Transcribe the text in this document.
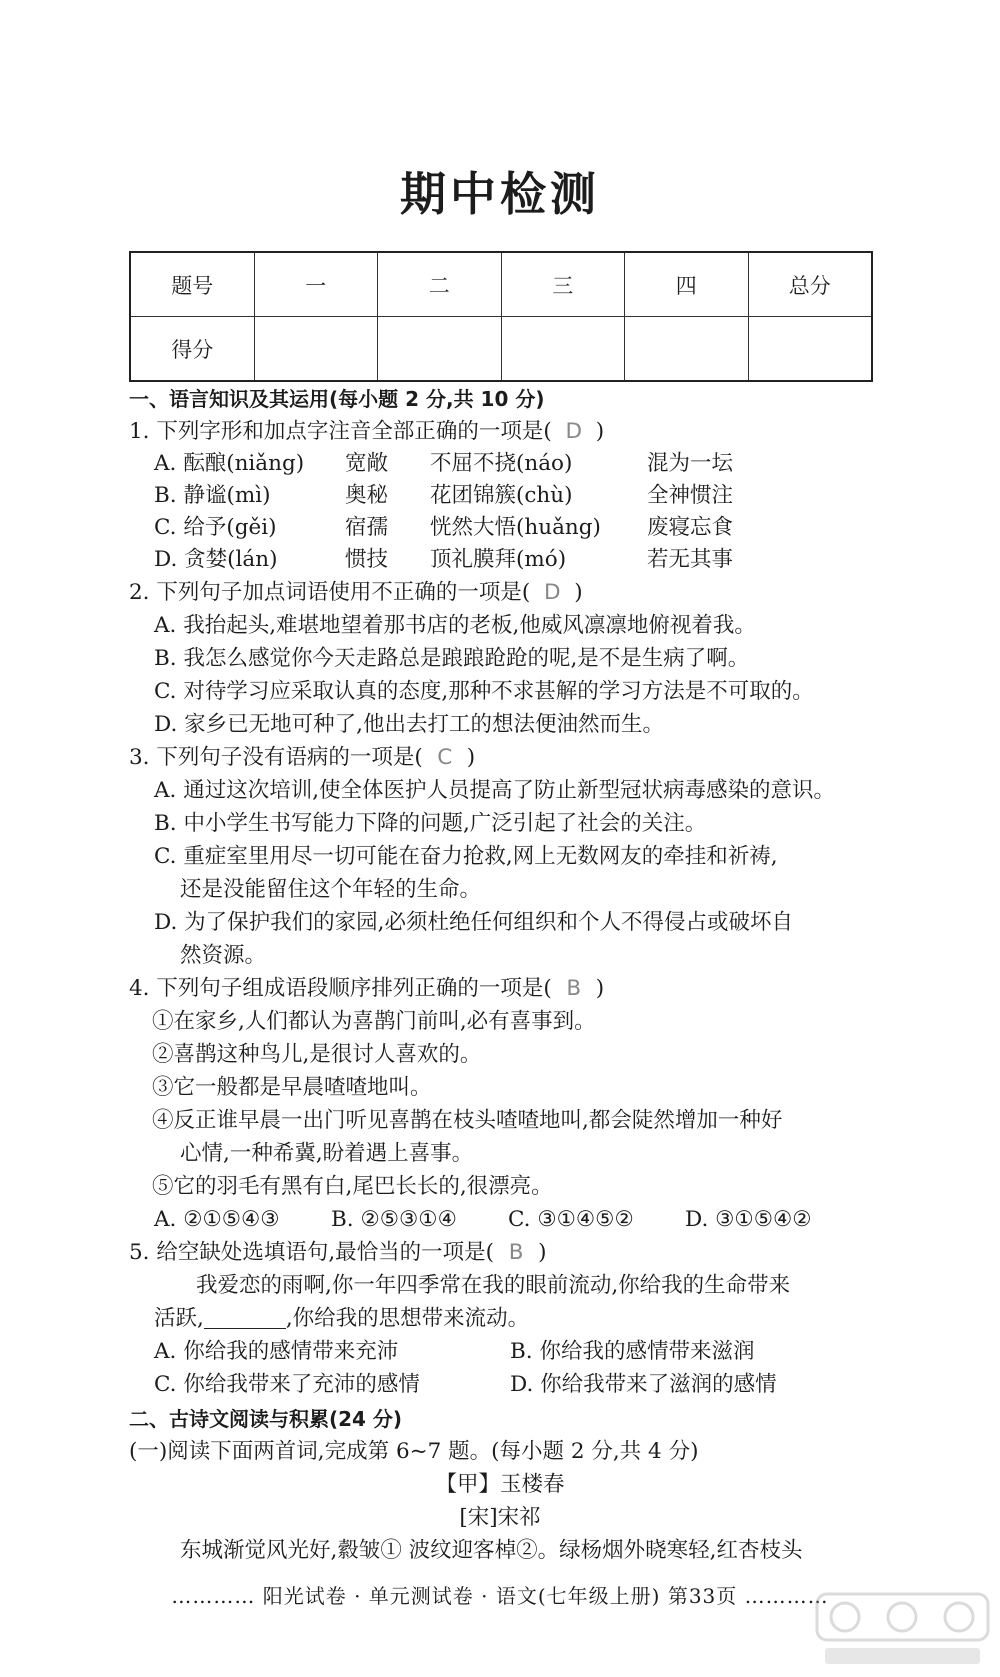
期中检测
题号	一	二	三	四	总分
得分					
一、语言知识及其运用(每小题 2 分,共 10 分)
1. 下列字形和加点字注音全部正确的一项是( D )
A. 酝酿(niǎng) 宽敞 不屈不挠(náo)	混为一坛
B. 静谧(mì)	奥秘 花团锦簇(chù)	全神惯注
C. 给予(gěi)	宿孺 恍然大悟(huǎng) 废寝忘食
D. 贪婪(lán)	惯技 顶礼膜拜(mó)	若无其事
2. 下列句子加点词语使用不正确的一项是( D )
A. 我抬起头,难堪地望着那书店的老板,他威风凛凛地俯视着我。
B. 我怎么感觉你今天走路总是踉踉跄跄的呢,是不是生病了啊。
C. 对待学习应采取认真的态度,那种不求甚解的学习方法是不可取的。
D. 家乡已无地可种了,他出去打工的想法便油然而生。
3. 下列句子没有语病的一项是( C )
A. 通过这次培训,使全体医护人员提高了防止新型冠状病毒感染的意识。
B. 中小学生书写能力下降的问题,广泛引起了社会的关注。
C. 重症室里用尽一切可能在奋力抢救,网上无数网友的牵挂和祈祷,
还是没能留住这个年轻的生命。
D. 为了保护我们的家园,必须杜绝任何组织和个人不得侵占或破坏自
然资源。
4. 下列句子组成语段顺序排列正确的一项是( B )
①在家乡,人们都认为喜鹊门前叫,必有喜事到。
②喜鹊这种鸟儿,是很讨人喜欢的。
③它一般都是早晨喳喳地叫。
④反正谁早晨一出门听见喜鹊在枝头喳喳地叫,都会陡然增加一种好
心情,一种希冀,盼着遇上喜事。
⑤它的羽毛有黑有白,尾巴长长的,很漂亮。
A. ②①⑤④③ B. ②⑤③①④ C. ③①④⑤② D. ③①⑤④②
5. 给空缺处选填语句,最恰当的一项是( B )
我爱恋的雨啊,你一年四季常在我的眼前流动,你给我的生命带来
活跃,	,你给我的思想带来流动。
A. 你给我的感情带来充沛	B. 你给我的感情带来滋润
C. 你给我带来了充沛的感情	D. 你给我带来了滋润的感情
二、古诗文阅读与积累(24 分)
(一)阅读下面两首词,完成第 6~7 题。(每小题 2 分,共 4 分)
【甲】玉楼春
[宋]宋祁
东城渐觉风光好,縠皱① 波纹迎客棹②。绿杨烟外晓寒轻,红杏枝头
………… 阳光试卷 · 单元测试卷 · 语文(七年级上册) 第33页 …………
